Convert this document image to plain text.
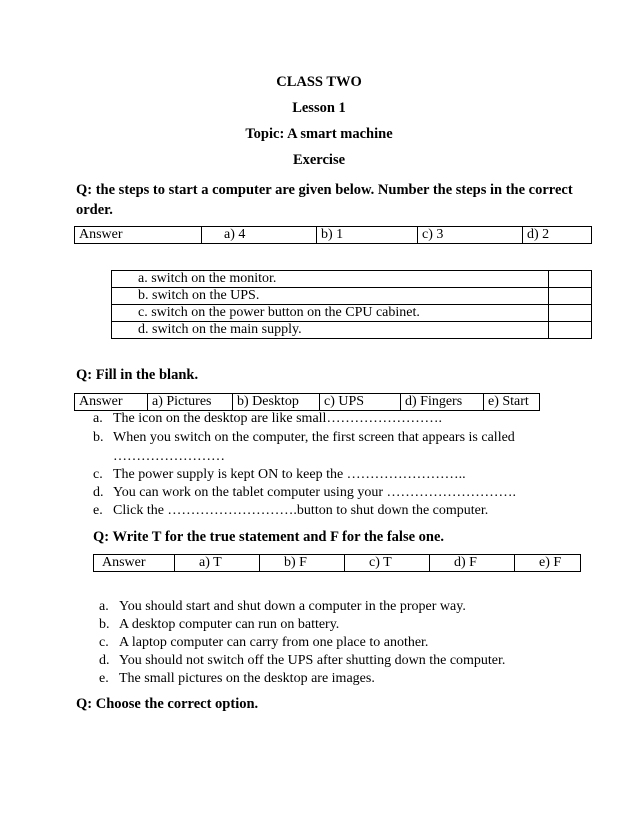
CLASS TWO
Lesson 1
Topic: A smart machine
Exercise
Q: the steps to start a computer are given below. Number the steps in the correct order.
Answer	a) 4	b) 1	c) 3	d) 2
a. switch on the monitor.	
b. switch on the UPS.	
c. switch on the power button on the CPU cabinet.	
d. switch on the main supply.	
Q: Fill in the blank.
Answer	a) Pictures	b) Desktop	c) UPS	d) Fingers	e) Start
a. The icon on the desktop are like small…………………….
b. When you switch on the computer, the first screen that appears is called
……………………
c. The power supply is kept ON to keep the ……………………..
d. You can work on the tablet computer using your ……………………….
e. Click the ……………………….button to shut down the computer.
Q: Write T for the true statement and F for the false one.
Answer	a) T	b) F	c) T	d) F	e) F
a. You should start and shut down a computer in the proper way.
b. A desktop computer can run on battery.
c. A laptop computer can carry from one place to another.
d. You should not switch off the UPS after shutting down the computer.
e. The small pictures on the desktop are images.
Q: Choose the correct option.
